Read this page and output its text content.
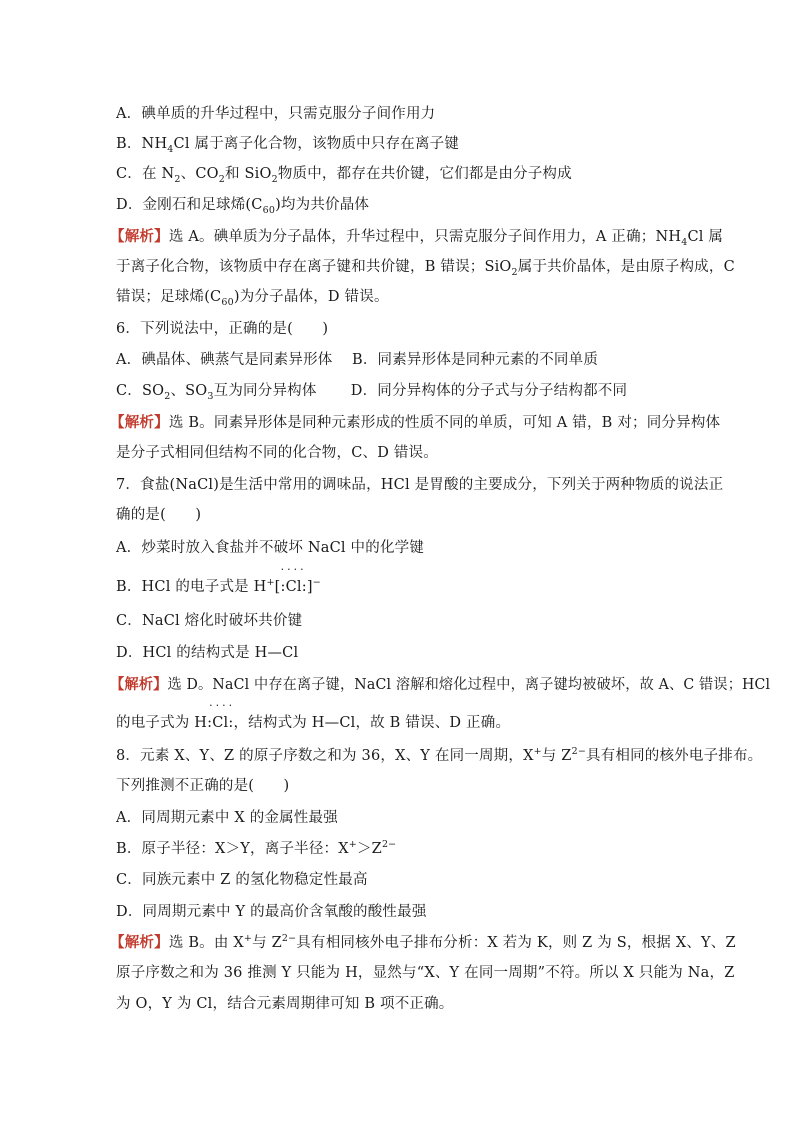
A．碘单质的升华过程中，只需克服分子间作用力
B．$NH_4Cl$ 属于离子化合物，该物质中只存在离子键
C．在 $N_2$、$CO_2$和 SiO$_2$物质中，都存在共价键，它们都是由分子构成
D．金刚石和足球烯$(C_{60})$均为共价晶体
【解析】选 A。碘单质为分子晶体，升华过程中，只需克服分子间作用力，A 正确；$NH_4Cl$ 属
于离子化合物，该物质中存在离子键和共价键，B 错误；SiO$_2$属于共价晶体，是由原子构成，C
错误；足球烯$(C_{60})$为分子晶体，D 错误。
6．下列说法中，正确的是(　　)
A．碘晶体、碘蒸气是同素异形体　 B．同素异形体是同种元素的不同单质
C．$SO_2$、$SO_3$互为同分异构体　　 D．同分异构体的分子式与分子结构都不同
【解析】选 B。同素异形体是同种元素形成的性质不同的单质，可知 A 错，B 对；同分异构体
是分子式相同但结构不同的化合物，C、D 错误。
7．食盐(NaCl)是生活中常用的调味品，HCl 是胃酸的主要成分，下列关于两种物质的说法正
确的是(　　)
A．炒菜时放入食盐并不破坏 NaCl 中的化学键
B．HCl 的电子式是 H+
····
[:Cl:]−
C．NaCl 熔化时破坏共价键
D．HCl 的结构式是 H—Cl
【解析】选 D。NaCl 中存在离子键，NaCl 溶解和熔化过程中，离子键均被破坏，故 A、C 错误；HCl
的电子式为 H
····
:Cl:，结构式为 H—Cl，故 B 错误、D 正确。
8．元素 X、Y、Z 的原子序数之和为 36，X、Y 在同一周期，X+与 $Z^{2-}$具有相同的核外电子排布。
下列推测不正确的是(　　)
A．同周期元素中 X 的金属性最强
B．原子半径：X＞Y，离子半径：$X^+>Z^{2-}$
C．同族元素中 Z 的氢化物稳定性最高
D．同周期元素中 Y 的最高价含氧酸的酸性最强
【解析】选 B。由 X+与 $Z^{2-}$具有相同核外电子排布分析：X 若为 K，则 Z 为 S，根据 X、Y、Z
原子序数之和为 36 推测 Y 只能为 H，显然与“X、Y 在同一周期”不符。所以 X 只能为 Na，Z
为 O，Y 为 Cl，结合元素周期律可知 B 项不正确。
